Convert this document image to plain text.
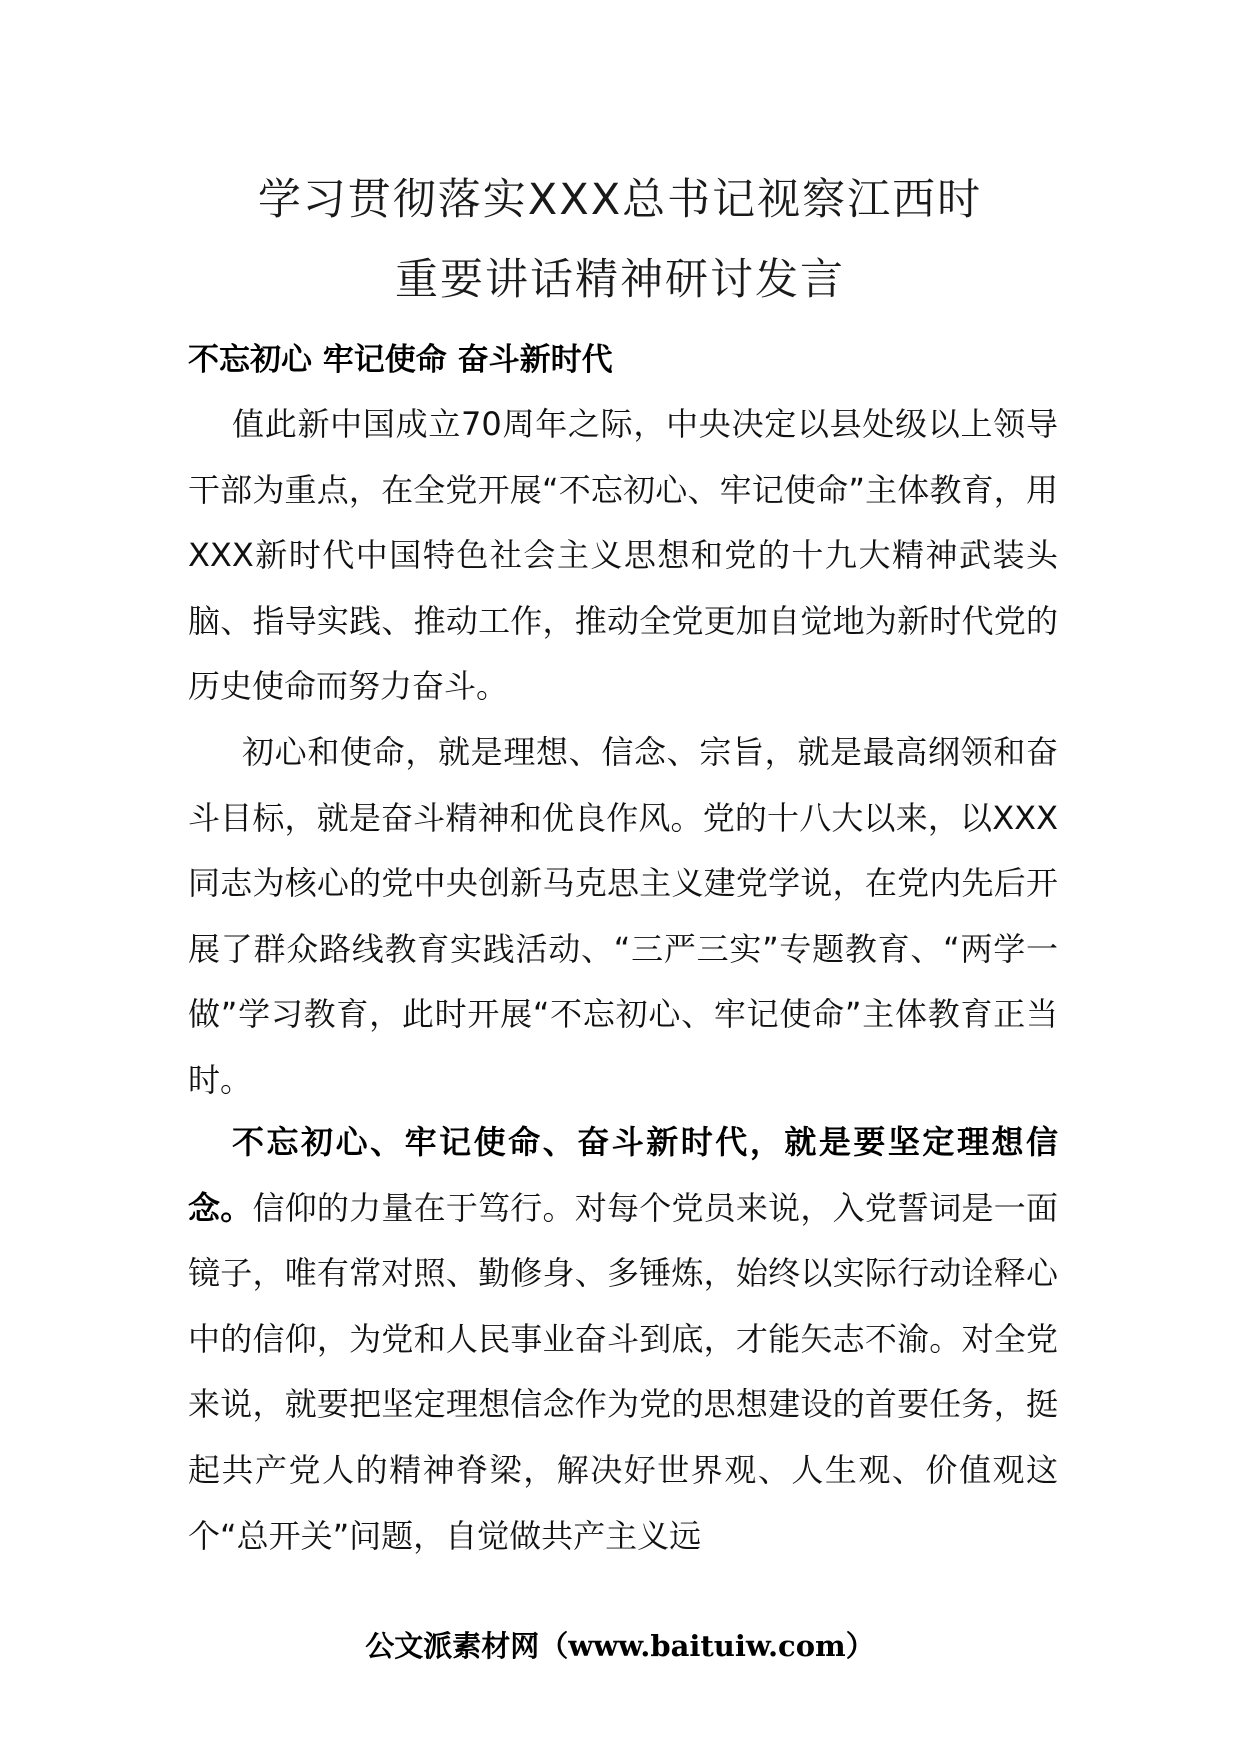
学习贯彻落实XXX总书记视察江西时
重要讲话精神研讨发言
不忘初心 牢记使命 奋斗新时代

值此新中国成立70周年之际，中央决定以县处级以上领导干部为重点，在全党开展“不忘初心、牢记使命”主体教育，用XXX新时代中国特色社会主义思想和党的十九大精神武装头脑、指导实践、推动工作，推动全党更加自觉地为新时代党的历史使命而努力奋斗。

初心和使命，就是理想、信念、宗旨，就是最高纲领和奋斗目标，就是奋斗精神和优良作风。党的十八大以来，以XXX同志为核心的党中央创新马克思主义建党学说，在党内先后开展了群众路线教育实践活动、“三严三实”专题教育、“两学一做”学习教育，此时开展“不忘初心、牢记使命”主体教育正当时。

不忘初心、牢记使命、奋斗新时代，就是要坚定理想信念。信仰的力量在于笃行。对每个党员来说，入党誓词是一面镜子，唯有常对照、勤修身、多锤炼，始终以实际行动诠释心中的信仰，为党和人民事业奋斗到底，才能矢志不渝。对全党来说，就要把坚定理想信念作为党的思想建设的首要任务，挺起共产党人的精神脊梁，解决好世界观、人生观、价值观这个“总开关”问题，自觉做共产主义远

公文派素材网（www.baituiw.com）
